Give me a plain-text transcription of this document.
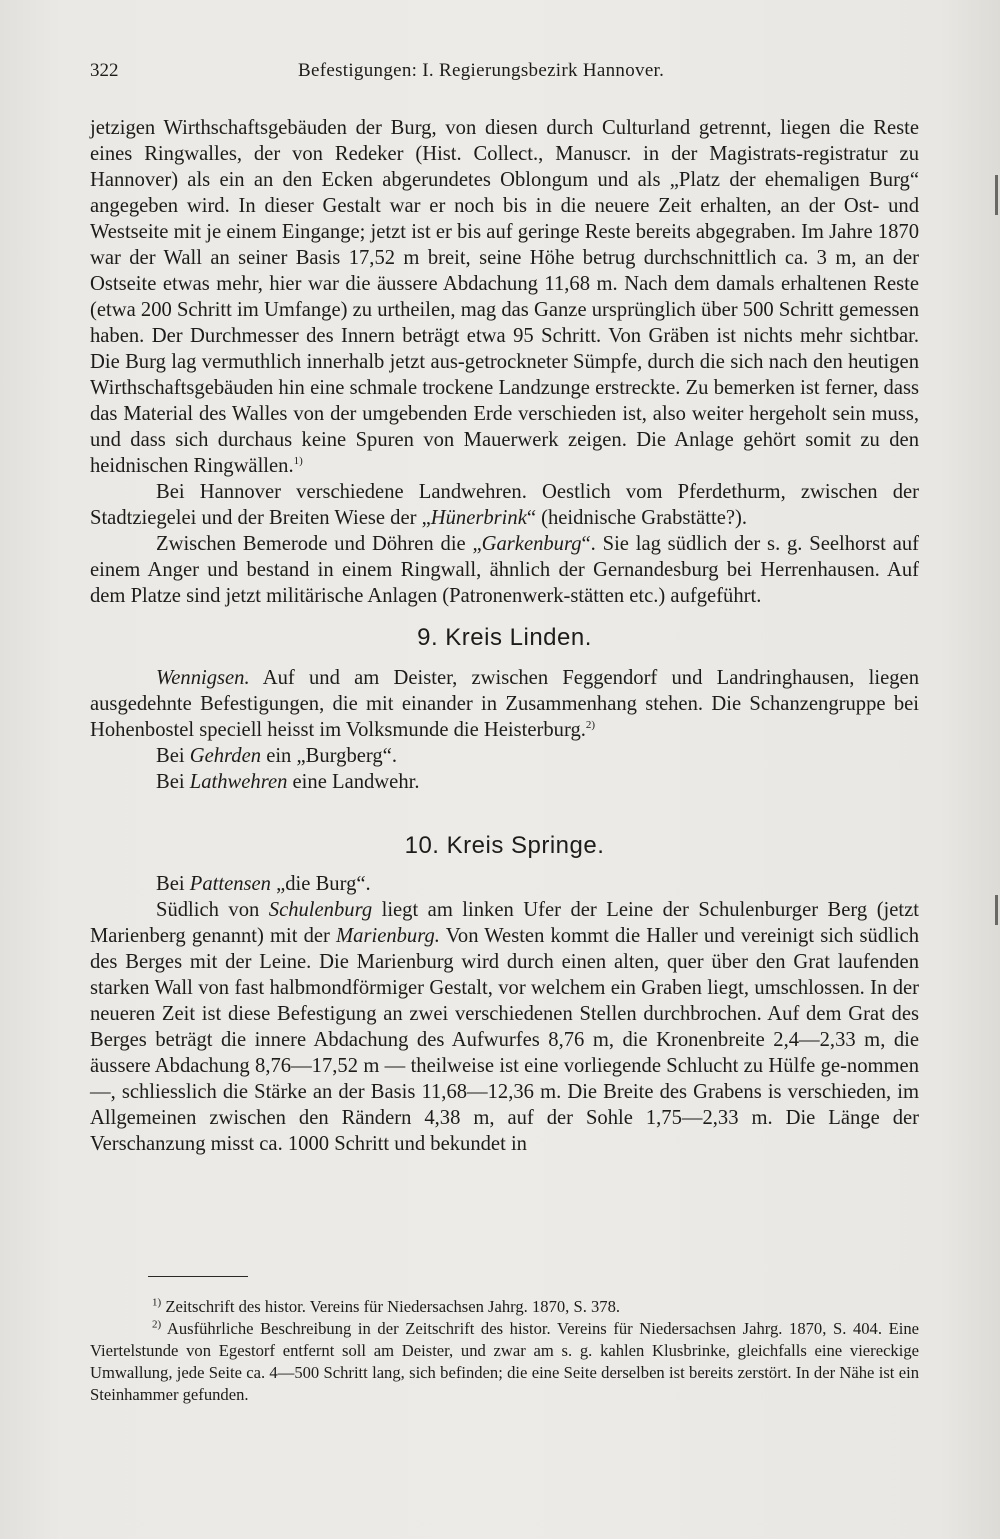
322	Befestigungen: I. Regierungsbezirk Hannover.

jetzigen Wirthschaftsgebäuden der Burg, von diesen durch Culturland getrennt, liegen die Reste eines Ringwalles, der von Redeker (Hist. Collect., Manuscr. in der Magistrats-registratur zu Hannover) als ein an den Ecken abgerundetes Oblongum und als „Platz der ehemaligen Burg“ angegeben wird. In dieser Gestalt war er noch bis in die neuere Zeit erhalten, an der Ost- und Westseite mit je einem Eingange; jetzt ist er bis auf geringe Reste bereits abgegraben. Im Jahre 1870 war der Wall an seiner Basis 17,52 m breit, seine Höhe betrug durchschnittlich ca. 3 m, an der Ostseite etwas mehr, hier war die äussere Abdachung 11,68 m. Nach dem damals erhaltenen Reste (etwa 200 Schritt im Umfange) zu urtheilen, mag das Ganze ursprünglich über 500 Schritt gemessen haben. Der Durchmesser des Innern beträgt etwa 95 Schritt. Von Gräben ist nichts mehr sichtbar. Die Burg lag vermuthlich innerhalb jetzt aus-getrockneter Sümpfe, durch die sich nach den heutigen Wirthschaftsgebäuden hin eine schmale trockene Landzunge erstreckte. Zu bemerken ist ferner, dass das Material des Walles von der umgebenden Erde verschieden ist, also weiter hergeholt sein muss, und dass sich durchaus keine Spuren von Mauerwerk zeigen. Die Anlage gehört somit zu den heidnischen Ringwällen.$^{1)}$

Bei Hannover verschiedene Landwehren. Oestlich vom Pferdethurm, zwischen der Stadtziegelei und der Breiten Wiese der „Hünerbrink“ (heidnische Grabstätte?).

Zwischen Bemerode und Döhren die „Garkenburg“. Sie lag südlich der s. g. Seelhorst auf einem Anger und bestand in einem Ringwall, ähnlich der Gernandesburg bei Herrenhausen. Auf dem Platze sind jetzt militärische Anlagen (Patronenwerk-stätten etc.) aufgeführt.

9. Kreis Linden.

Wennigsen. Auf und am Deister, zwischen Feggendorf und Landringhausen, liegen ausgedehnte Befestigungen, die mit einander in Zusammenhang stehen. Die Schanzengruppe bei Hohenbostel speciell heisst im Volksmunde die Heisterburg.$^{2)}$

Bei Gehrden ein „Burgberg“.

Bei Lathwehren eine Landwehr.

10. Kreis Springe.

Bei Pattensen „die Burg“.

Südlich von Schulenburg liegt am linken Ufer der Leine der Schulenburger Berg (jetzt Marienberg genannt) mit der Marienburg. Von Westen kommt die Haller und vereinigt sich südlich des Berges mit der Leine. Die Marienburg wird durch einen alten, quer über den Grat laufenden starken Wall von fast halbmondförmiger Gestalt, vor welchem ein Graben liegt, umschlossen. In der neueren Zeit ist diese Befestigung an zwei verschiedenen Stellen durchbrochen. Auf dem Grat des Berges beträgt die innere Abdachung des Aufwurfes 8,76 m, die Kronenbreite 2,4—2,33 m, die äussere Abdachung 8,76—17,52 m — theilweise ist eine vorliegende Schlucht zu Hülfe ge-nommen —, schliesslich die Stärke an der Basis 11,68—12,36 m. Die Breite des Grabens is verschieden, im Allgemeinen zwischen den Rändern 4,38 m, auf der Sohle 1,75—2,33 m. Die Länge der Verschanzung misst ca. 1000 Schritt und bekundet in

$^{1)}$ Zeitschrift des histor. Vereins für Niedersachsen Jahrg. 1870, S. 378.

$^{2)}$ Ausführliche Beschreibung in der Zeitschrift des histor. Vereins für Niedersachsen Jahrg. 1870, S. 404. Eine Viertelstunde von Egestorf entfernt soll am Deister, und zwar am s. g. kahlen Klusbrinke, gleichfalls eine viereckige Umwallung, jede Seite ca. 4—500 Schritt lang, sich befinden; die eine Seite derselben ist bereits zerstört. In der Nähe ist ein Steinhammer gefunden.
